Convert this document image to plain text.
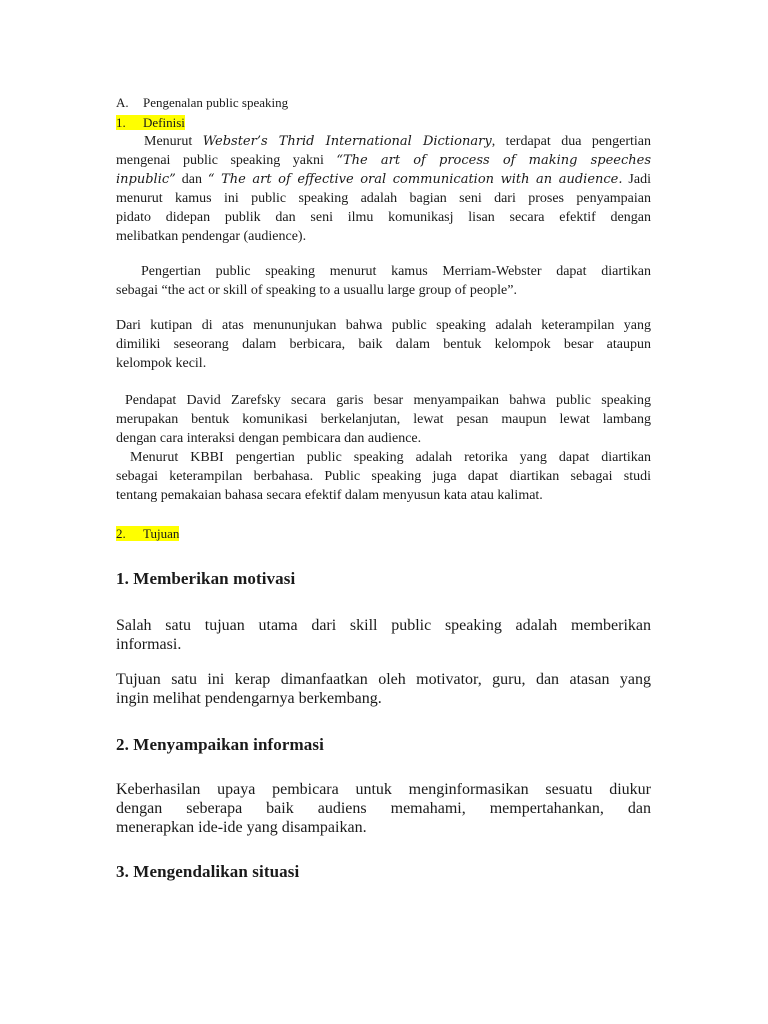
A. Pengenalan public speaking

1. Definisi

Menurut Webster’s Thrid International Dictionary, terdapat dua pengertian

mengenai public speaking yakni “The art of process of making speeches

inpublic” dan “ The art of effective oral communication with an audience. Jadi

menurut kamus ini public speaking adalah bagian seni dari proses penyampaian

pidato didepan publik dan seni ilmu komunikasj lisan secara efektif dengan

melibatkan pendengar (audience).

Pengertian public speaking menurut kamus Merriam-Webster dapat diartikan

sebagai “the act or skill of speaking to a usuallu large group of people”.

Dari kutipan di atas menununjukan bahwa public speaking adalah keterampilan yang

dimiliki seseorang dalam berbicara, baik dalam bentuk kelompok besar ataupun

kelompok kecil.

Pendapat David Zarefsky secara garis besar menyampaikan bahwa public speaking

merupakan bentuk komunikasi berkelanjutan, lewat pesan maupun lewat lambang

dengan cara interaksi dengan pembicara dan audience.

Menurut KBBI pengertian public speaking adalah retorika yang dapat diartikan

sebagai keterampilan berbahasa. Public speaking juga dapat diartikan sebagai studi

tentang pemakaian bahasa secara efektif dalam menyusun kata atau kalimat.

2. Tujuan

1. Memberikan motivasi

Salah satu tujuan utama dari skill public speaking adalah memberikan

informasi.

Tujuan satu ini kerap dimanfaatkan oleh motivator, guru, dan atasan yang

ingin melihat pendengarnya berkembang.

2. Menyampaikan informasi

Keberhasilan upaya pembicara untuk menginformasikan sesuatu diukur

dengan seberapa baik audiens memahami, mempertahankan, dan

menerapkan ide-ide yang disampaikan.

3. Mengendalikan situasi
